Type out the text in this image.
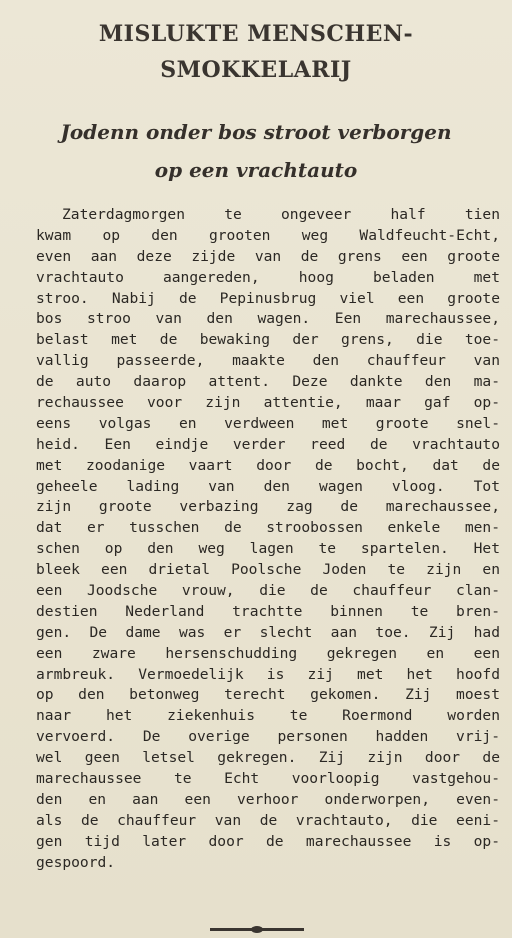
MISLUKTE MENSCHEN-
SMOKKELARIJ
Jodenn onder bos stroot verborgen
op een vrachtauto
Zaterdagmorgen te ongeveer half tien
kwam op den grooten weg Waldfeucht-Echt,
even aan deze zijde van de grens een groote
vrachtauto aangereden, hoog beladen met
stroo. Nabij de Pepinusbrug viel een groote
bos stroo van den wagen. Een marechaussee,
belast met de bewaking der grens, die toe-
vallig passeerde, maakte den chauffeur van
de auto daarop attent. Deze dankte den ma-
rechaussee voor zijn attentie, maar gaf op-
eens volgas en verdween met groote snel-
heid. Een eindje verder reed de vrachtauto
met zoodanige vaart door de bocht, dat de
geheele lading van den wagen vloog. Tot
zijn groote verbazing zag de marechaussee,
dat er tusschen de stroobossen enkele men-
schen op den weg lagen te spartelen. Het
bleek een drietal Poolsche Joden te zijn en
een Joodsche vrouw, die de chauffeur clan-
destien Nederland trachtte binnen te bren-
gen. De dame was er slecht aan toe. Zij had
een zware hersenschudding gekregen en een
armbreuk. Vermoedelijk is zij met het hoofd
op den betonweg terecht gekomen. Zij moest
naar het ziekenhuis te Roermond worden
vervoerd. De overige personen hadden vrij-
wel geen letsel gekregen. Zij zijn door de
marechaussee te Echt voorloopig vastgehou-
den en aan een verhoor onderworpen, even-
als de chauffeur van de vrachtauto, die eeni-
gen tijd later door de marechaussee is op-
gespoord.
